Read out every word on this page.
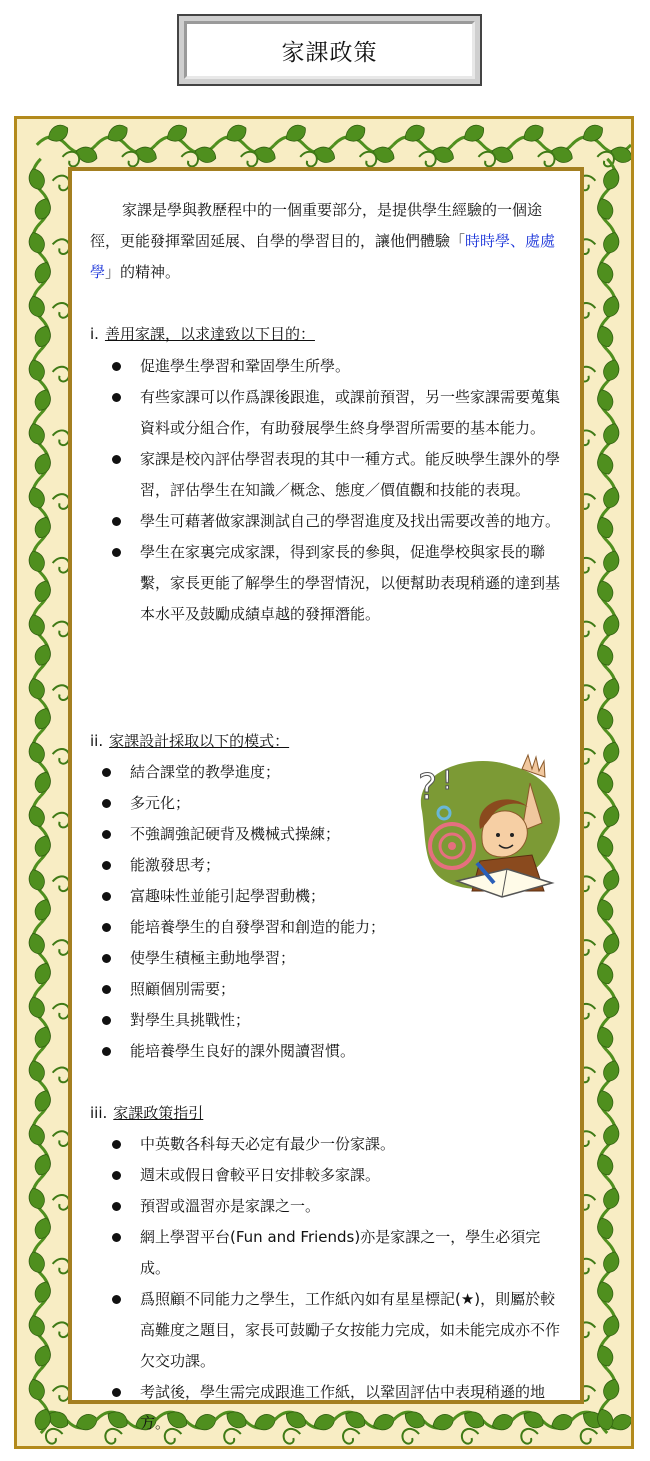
家課政策

家課是學與教歷程中的一個重要部分，是提供學生經驗的一個途徑，更能發揮鞏固延展、自學的學習目的，讓他們體驗「時時學、處處學」的精神。

i. 善用家課，以求達致以下目的：
促進學生學習和鞏固學生所學。
有些家課可以作爲課後跟進，或課前預習，另一些家課需要蒐集資料或分組合作，有助發展學生終身學習所需要的基本能力。
家課是校內評估學習表現的其中一種方式。能反映學生課外的學習，評估學生在知識／概念、態度／價值觀和技能的表現。
學生可藉著做家課測試自己的學習進度及找出需要改善的地方。
學生在家裏完成家課，得到家長的參與，促進學校與家長的聯繫，家長更能了解學生的學習情況，以便幫助表現稍遜的達到基本水平及鼓勵成績卓越的發揮潛能。
ii. 家課設計採取以下的模式：
結合課堂的教學進度；
多元化；
不強調強記硬背及機械式操練；
能激發思考；
富趣味性並能引起學習動機；
能培養學生的自發學習和創造的能力；
使學生積極主動地學習；
照顧個別需要；
對學生具挑戰性；
能培養學生良好的課外閱讀習慣。
? !
iii. 家課政策指引
中英數各科每天必定有最少一份家課。
週末或假日會較平日安排較多家課。
預習或溫習亦是家課之一。
網上學習平台(Fun and Friends)亦是家課之一，學生必須完成。
爲照顧不同能力之學生，工作紙內如有星星標記(★)，則屬於較高難度之題目，家長可鼓勵子女按能力完成，如未能完成亦不作欠交功課。
考試後，學生需完成跟進工作紙，以鞏固評估中表現稍遜的地方。
